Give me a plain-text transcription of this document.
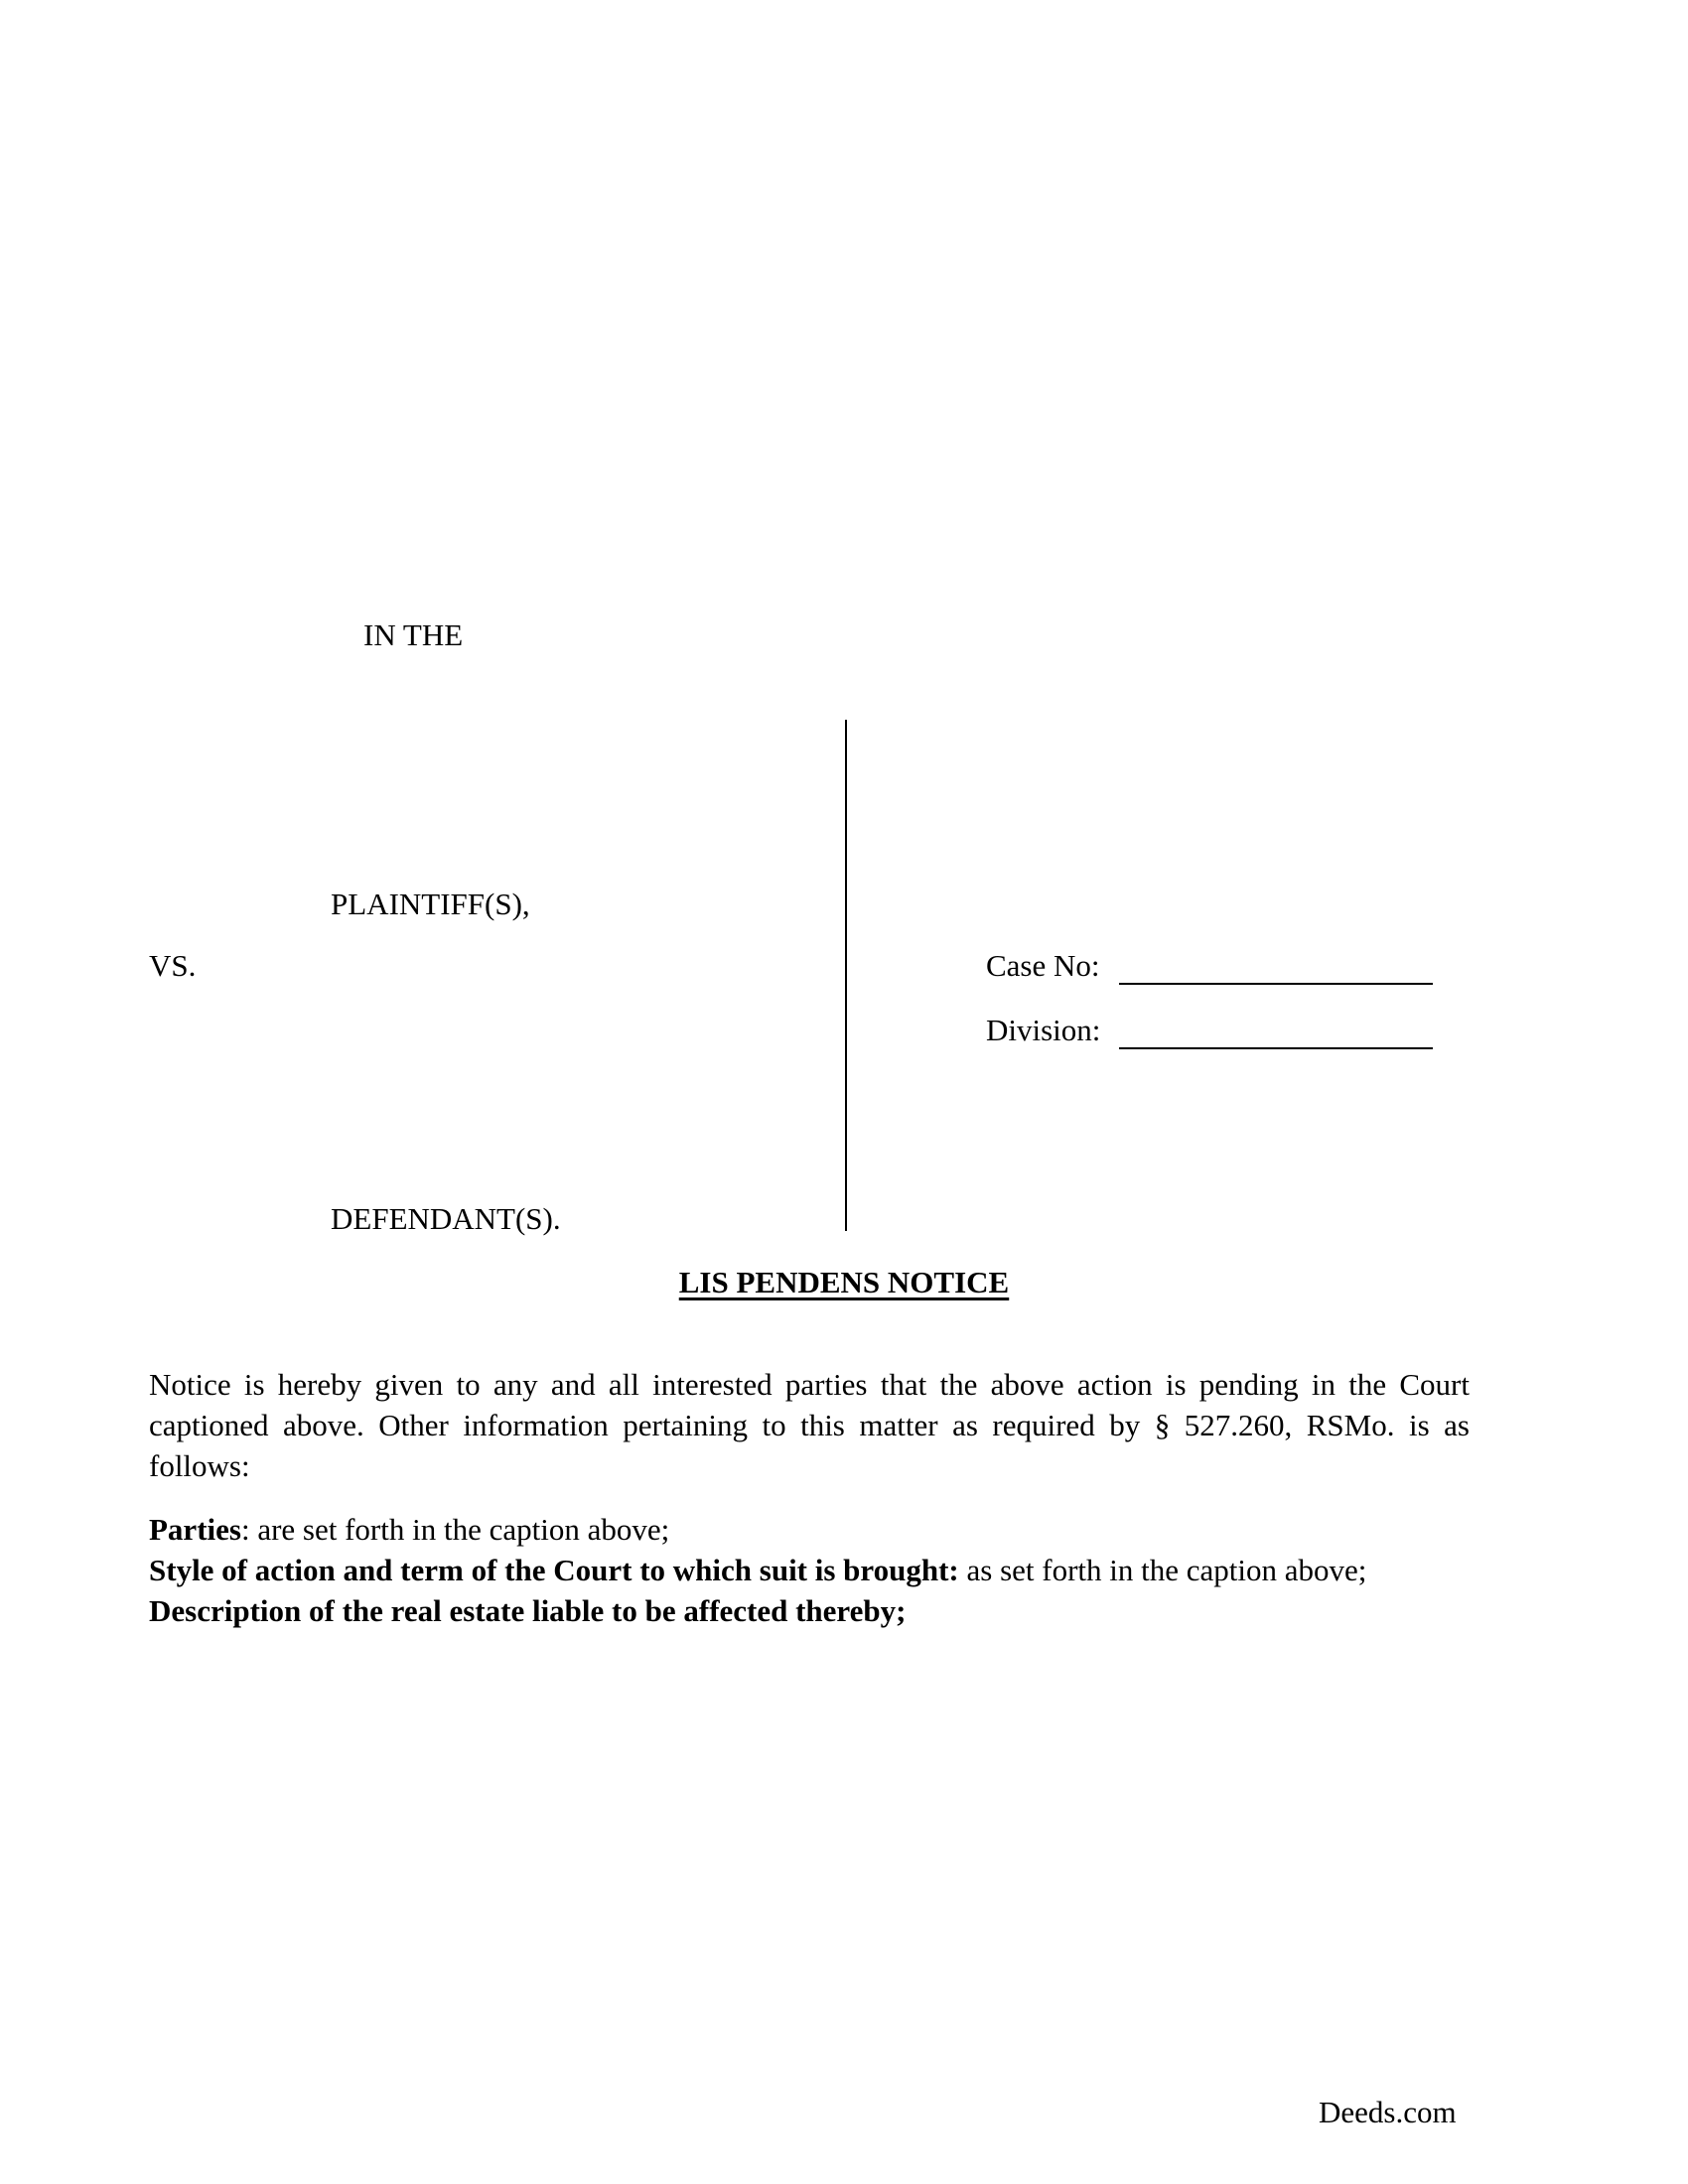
IN THE
PLAINTIFF(S),
VS.	Case No:
Division:
DEFENDANT(S).
LIS PENDENS NOTICE
Notice is hereby given to any and all interested parties that the above action is pending in the Court captioned above. Other information pertaining to this matter as required by § 527.260, RSMo. is as follows:
Parties: are set forth in the caption above;
Style of action and term of the Court to which suit is brought: as set forth in the caption above;
Description of the real estate liable to be affected thereby;
Deeds.com
